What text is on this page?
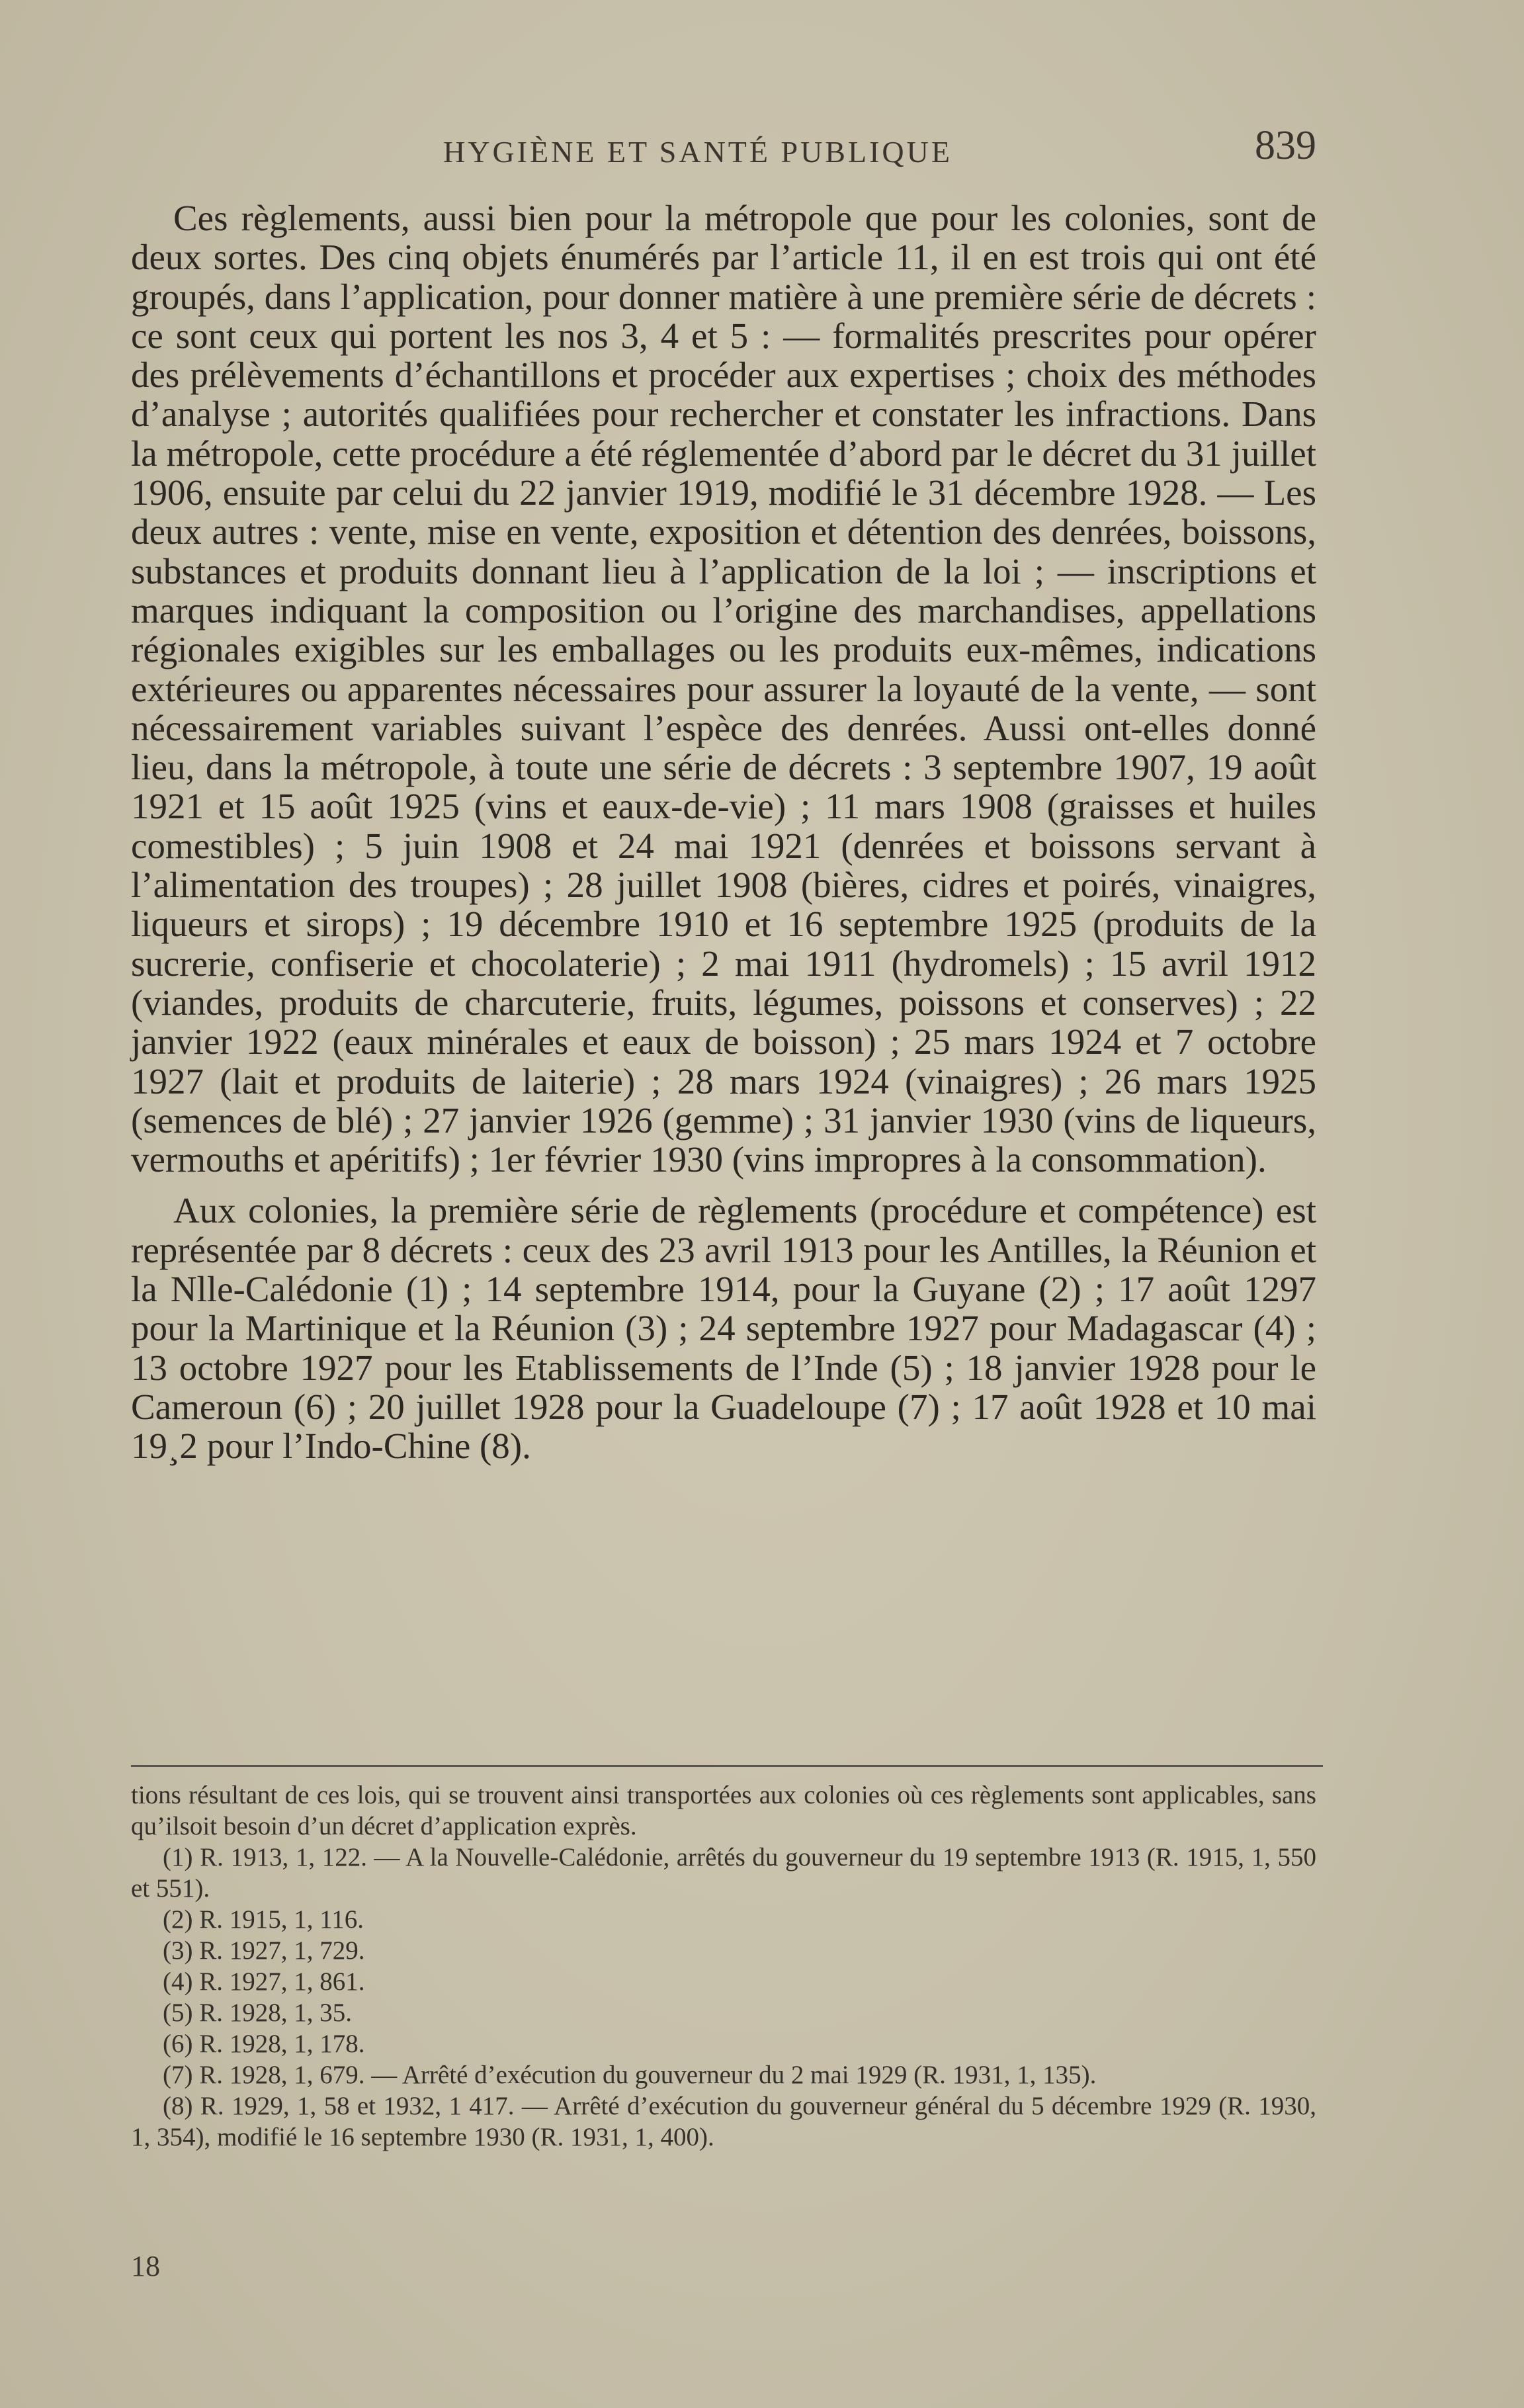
HYGIÈNE ET SANTÉ PUBLIQUE	839

Ces règlements, aussi bien pour la métropole que pour les colonies, sont de deux sortes. Des cinq objets énumérés par l’article 11, il en est trois qui ont été groupés, dans l’application, pour donner matière à une première série de décrets : ce sont ceux qui portent les nos 3, 4 et 5 : — formalités prescrites pour opérer des prélèvements d’échantillons et procéder aux expertises ; choix des méthodes d’analyse ; autorités qualifiées pour rechercher et constater les infractions. Dans la métropole, cette procédure a été réglementée d’abord par le décret du 31 juillet 1906, ensuite par celui du 22 janvier 1919, modifié le 31 décembre 1928. — Les deux autres : vente, mise en vente, exposition et détention des denrées, boissons, substances et produits donnant lieu à l’application de la loi ; — inscriptions et marques indiquant la composition ou l’origine des marchandises, appellations régionales exigibles sur les emballages ou les produits eux-mêmes, indications extérieures ou apparentes nécessaires pour assurer la loyauté de la vente, — sont nécessairement variables suivant l’espèce des denrées. Aussi ont-elles donné lieu, dans la métropole, à toute une série de décrets : 3 septembre 1907, 19 août 1921 et 15 août 1925 (vins et eaux-de-vie) ; 11 mars 1908 (graisses et huiles comestibles) ; 5 juin 1908 et 24 mai 1921 (denrées et boissons servant à l’alimentation des troupes) ; 28 juillet 1908 (bières, cidres et poirés, vinaigres, liqueurs et sirops) ; 19 décembre 1910 et 16 septembre 1925 (produits de la sucrerie, confiserie et chocolaterie) ; 2 mai 1911 (hydromels) ; 15 avril 1912 (viandes, produits de charcuterie, fruits, légumes, poissons et conserves) ; 22 janvier 1922 (eaux minérales et eaux de boisson) ; 25 mars 1924 et 7 octobre 1927 (lait et produits de laiterie) ; 28 mars 1924 (vinaigres) ; 26 mars 1925 (semences de blé) ; 27 janvier 1926 (gemme) ; 31 janvier 1930 (vins de liqueurs, vermouths et apéritifs) ; 1er février 1930 (vins impropres à la consommation).

Aux colonies, la première série de règlements (procédure et compétence) est représentée par 8 décrets : ceux des 23 avril 1913 pour les Antilles, la Réunion et la Nlle-Calédonie (1) ; 14 septembre 1914, pour la Guyane (2) ; 17 août 1297 pour la Martinique et la Réunion (3) ; 24 septembre 1927 pour Madagascar (4) ; 13 octobre 1927 pour les Etablissements de l’Inde (5) ; 18 janvier 1928 pour le Cameroun (6) ; 20 juillet 1928 pour la Guadeloupe (7) ; 17 août 1928 et 10 mai 19¸2 pour l’Indo-Chine (8).

tions résultant de ces lois, qui se trouvent ainsi transportées aux colonies où ces règlements sont applicables, sans qu’ilsoit besoin d’un décret d’application exprès.

(1) R. 1913, 1, 122. — A la Nouvelle-Calédonie, arrêtés du gouverneur du 19 septembre 1913 (R. 1915, 1, 550 et 551).

(2) R. 1915, 1, 116.

(3) R. 1927, 1, 729.

(4) R. 1927, 1, 861.

(5) R. 1928, 1, 35.

(6) R. 1928, 1, 178.

(7) R. 1928, 1, 679. — Arrêté d’exécution du gouverneur du 2 mai 1929 (R. 1931, 1, 135).

(8) R. 1929, 1, 58 et 1932, 1 417. — Arrêté d’exécution du gouverneur général du 5 décembre 1929 (R. 1930, 1, 354), modifié le 16 septembre 1930 (R. 1931, 1, 400).

18
